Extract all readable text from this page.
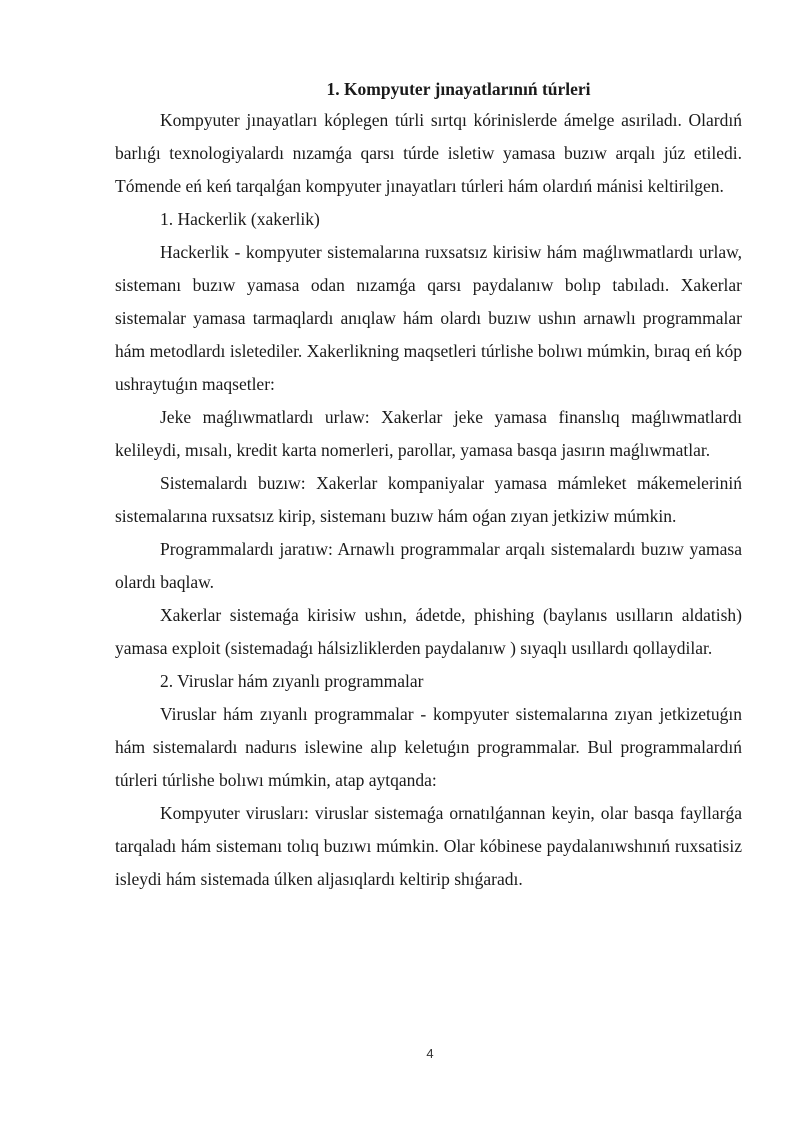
1. Kompyuter jınayatlarınıń túrleri

Kompyuter jınayatları kóplegen túrli sırtqı kórinislerde ámelge asıriladı. Olardıń barlıǵı texnologiyalardı nızamǵa qarsı túrde isletiw yamasa buzıw arqalı júz etiledi. Tómende eń keń tarqalǵan kompyuter jınayatları túrleri hám olardıń mánisi keltirilgen.

1. Hackerlik (xakerlik)

Hackerlik - kompyuter sistemalarına ruxsatsız kirisiw hám maǵlıwmatlardı urlaw, sistemanı buzıw yamasa odan nızamǵa qarsı paydalanıw bolıp tabıladı. Xakerlar sistemalar yamasa tarmaqlardı anıqlaw hám olardı buzıw ushın arnawlı programmalar hám metodlardı isletediler. Xakerlikning maqsetleri túrlishe bolıwı múmkin, bıraq eń kóp ushraytuǵın maqsetler:

Jeke maǵlıwmatlardı urlaw: Xakerlar jeke yamasa finanslıq maǵlıwmatlardı kelileydi, mısalı, kredit karta nomerleri, parollar, yamasa basqa jasırın maǵlıwmatlar.

Sistemalardı buzıw: Xakerlar kompaniyalar yamasa mámleket mákemeleriniń sistemalarına ruxsatsız kirip, sistemanı buzıw hám oǵan zıyan jetkiziw múmkin.

Programmalardı jaratıw: Arnawlı programmalar arqalı sistemalardı buzıw yamasa olardı baqlaw.

Xakerlar sistemaǵa kirisiw ushın, ádetde, phishing (baylanıs usılların aldatish) yamasa exploit (sistemadaǵı hálsizliklerden paydalanıw ) sıyaqlı usıllardı qollaydilar.

2. Viruslar hám zıyanlı programmalar

Viruslar hám zıyanlı programmalar - kompyuter sistemalarına zıyan jetkizetuǵın hám sistemalardı nadurıs islewine alıp keletuǵın programmalar. Bul programmalardıń túrleri túrlishe bolıwı múmkin, atap aytqanda:

Kompyuter virusları: viruslar sistemaǵa ornatılǵannan keyin, olar basqa fayllarǵa tarqaladı hám sistemanı tolıq buzıwı múmkin. Olar kóbinese paydalanıwshınıń ruxsatisiz isleydi hám sistemada úlken aljasıqlardı keltirip shıǵaradı.

4
